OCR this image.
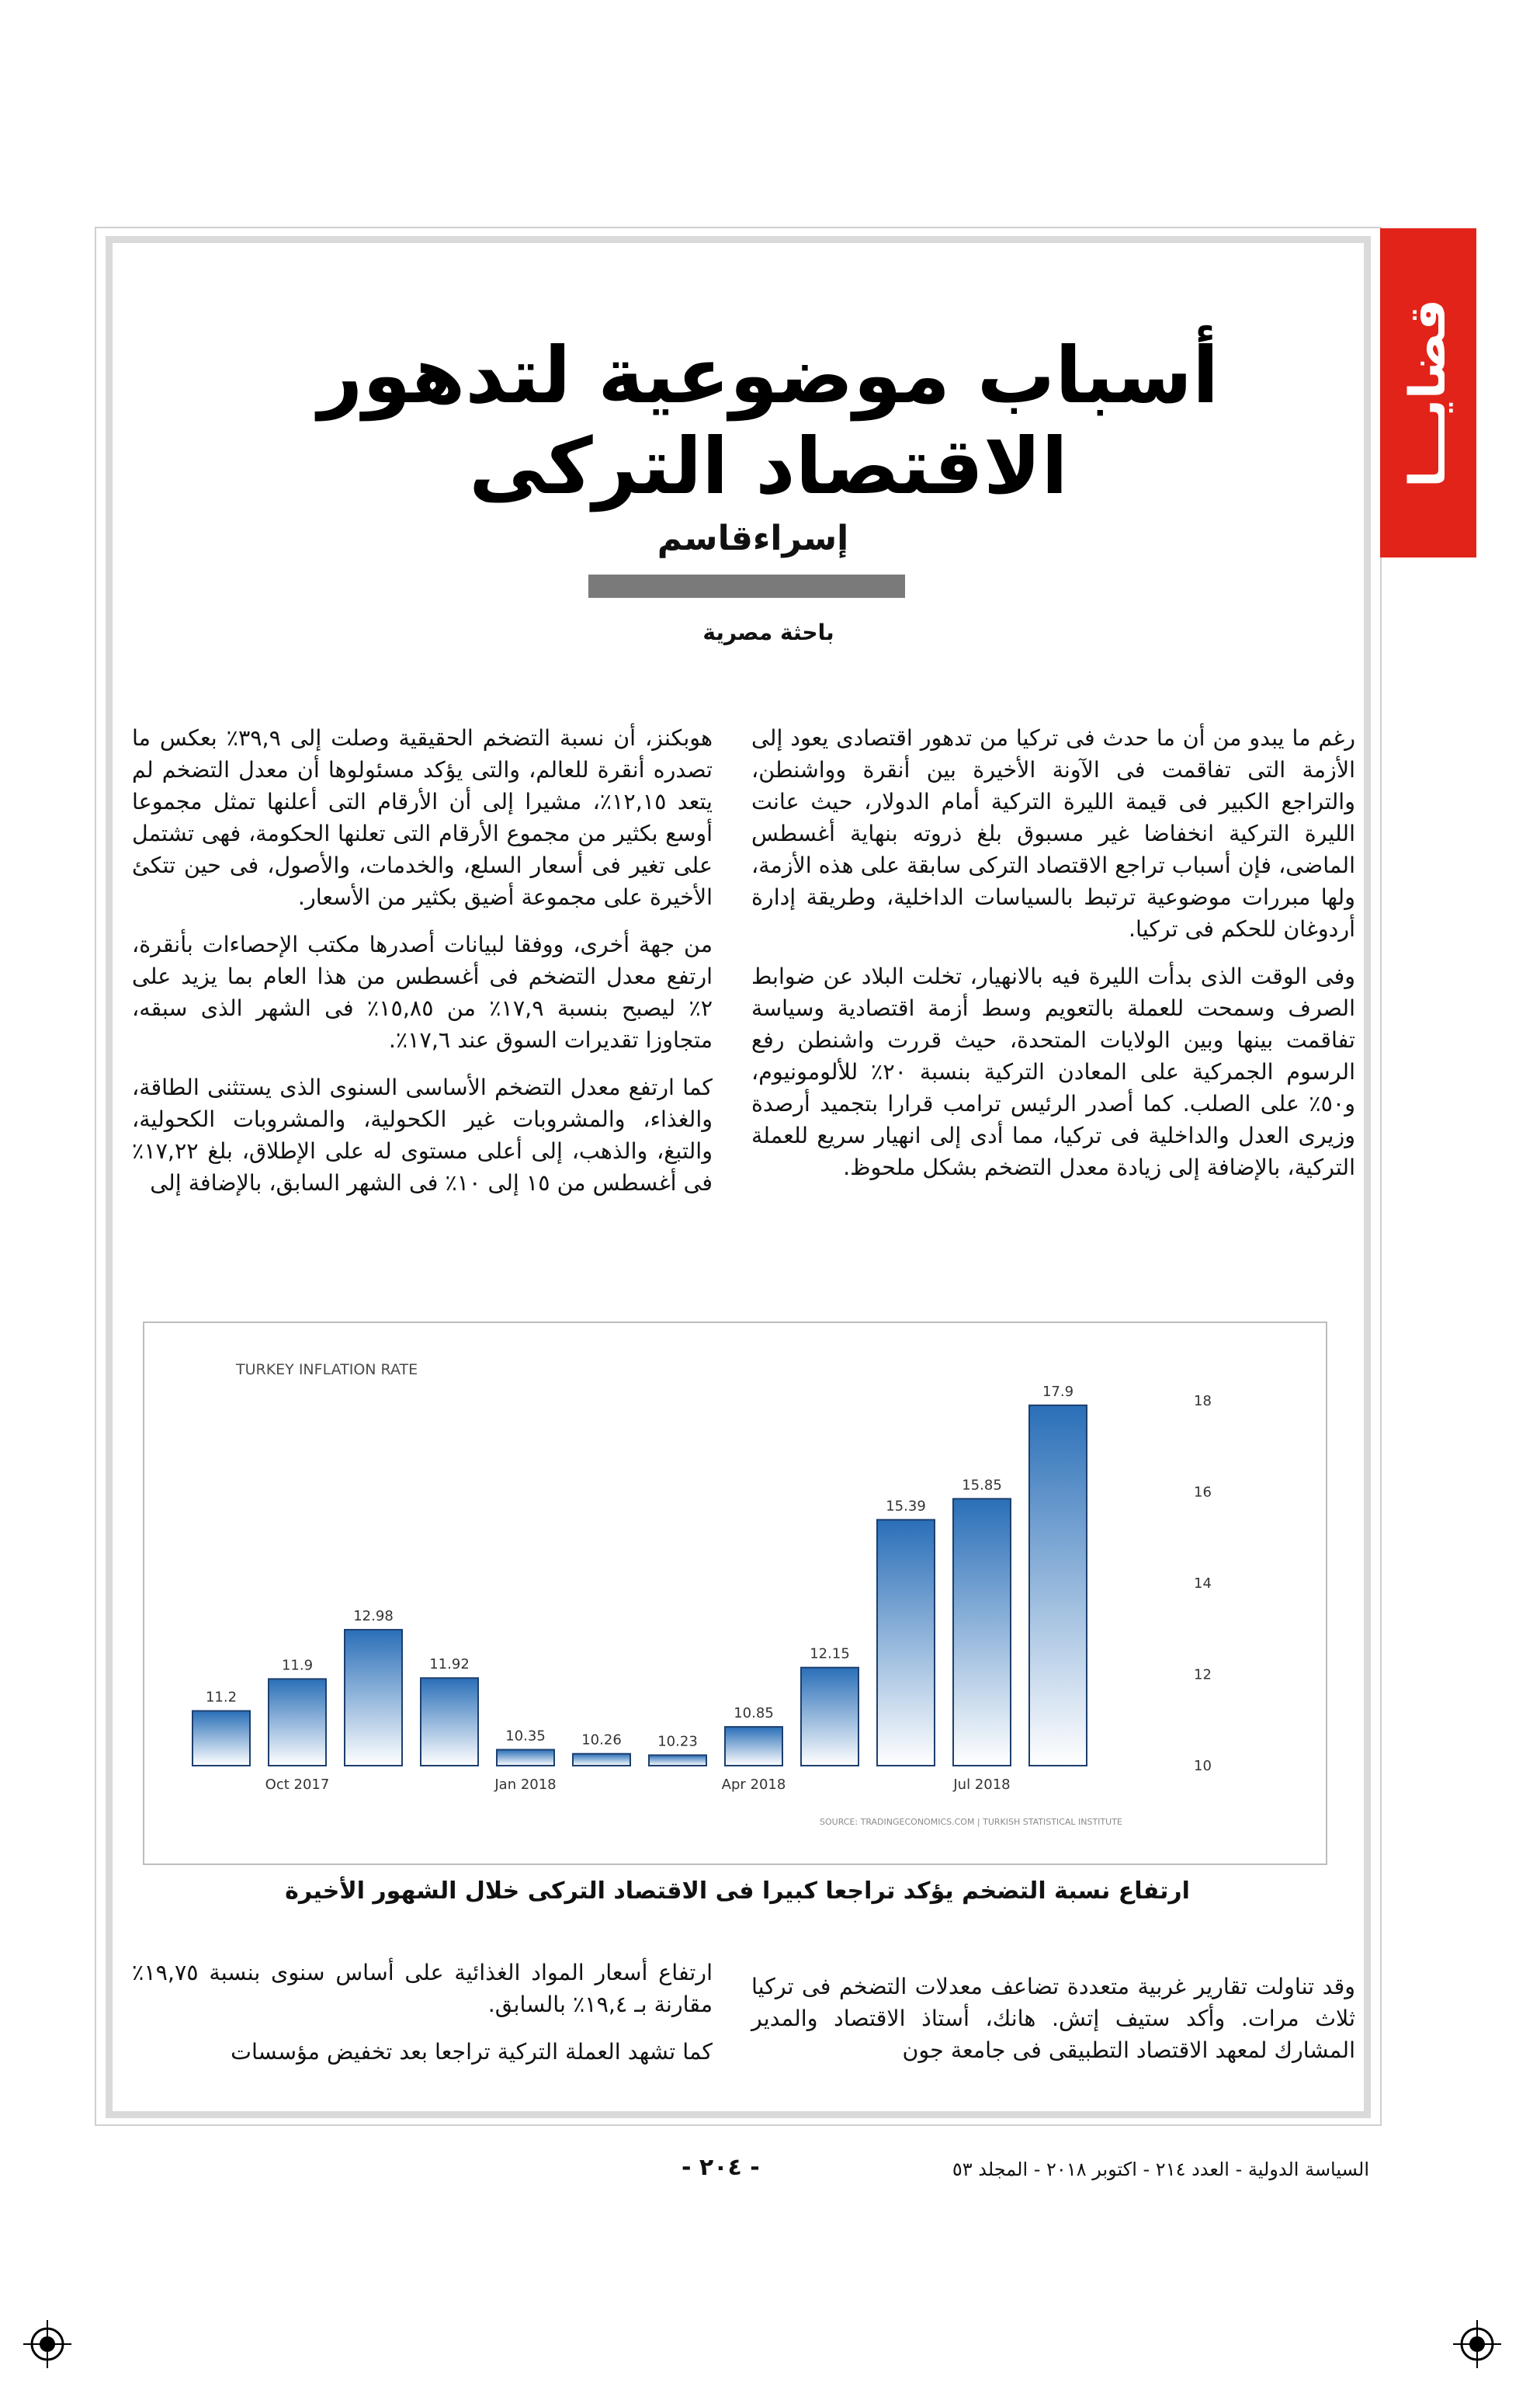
قضايـــا
أسباب موضوعية لتدهور الاقتصاد التركى
إسراءقاسم
باحثة مصرية

رغم ما يبدو من أن ما حدث فى تركيا من تدهور اقتصادى يعود إلى الأزمة التى تفاقمت فى الآونة الأخيرة بين أنقرة وواشنطن، والتراجع الكبير فى قيمة الليرة التركية أمام الدولار، حيث عانت الليرة التركية انخفاضا غير مسبوق بلغ ذروته بنهاية أغسطس الماضى، فإن أسباب تراجع الاقتصاد التركى سابقة على هذه الأزمة، ولها مبررات موضوعية ترتبط بالسياسات الداخلية، وطريقة إدارة أردوغان للحكم فى تركيا.

وفى الوقت الذى بدأت الليرة فيه بالانهيار، تخلت البلاد عن ضوابط الصرف وسمحت للعملة بالتعويم وسط أزمة اقتصادية وسياسة تفاقمت بينها وبين الولايات المتحدة، حيث قررت واشنطن رفع الرسوم الجمركية على المعادن التركية بنسبة ٢٠٪ للألومونيوم، و٥٠٪ على الصلب. كما أصدر الرئيس ترامب قرارا بتجميد أرصدة وزيرى العدل والداخلية فى تركيا، مما أدى إلى انهيار سريع للعملة التركية، بالإضافة إلى زيادة معدل التضخم بشكل ملحوظ.

هوبكنز، أن نسبة التضخم الحقيقية وصلت إلى ٣٩,٩٪ بعكس ما تصدره أنقرة للعالم، والتى يؤكد مسئولوها أن معدل التضخم لم يتعد ١٢,١٥٪، مشيرا إلى أن الأرقام التى أعلنها تمثل مجموعا أوسع بكثير من مجموع الأرقام التى تعلنها الحكومة، فهى تشتمل على تغير فى أسعار السلع، والخدمات، والأصول، فى حين تتكئ الأخيرة على مجموعة أضيق بكثير من الأسعار.

من جهة أخرى، ووفقا لبيانات أصدرها مكتب الإحصاءات بأنقرة، ارتفع معدل التضخم فى أغسطس من هذا العام بما يزيد على ٢٪ ليصبح بنسبة ١٧,٩٪ من ١٥,٨٥٪ فى الشهر الذى سبقه، متجاوزا تقديرات السوق عند ١٧,٦٪.

كما ارتفع معدل التضخم الأساسى السنوى الذى يستثنى الطاقة، والغذاء، والمشروبات غير الكحولية، والمشروبات الكحولية، والتبغ، والذهب، إلى أعلى مستوى له على الإطلاق، بلغ ١٧,٢٢٪ فى أغسطس من ١٥ إلى ١٠٪ فى الشهر السابق، بالإضافة إلى

TURKEY INFLATION RATE
11.2
11.9
12.98
11.92
10.35	10.26	10.23
10.85
12.15
15.39
15.85
17.9
Oct 2017	Jan 2018	Apr 2018	Jul 2018
10
12
14
16
18
SOURCE: TRADINGECONOMICS.COM | TURKISH STATISTICAL INSTITUTE
ارتفاع نسبة التضخم يؤكد تراجعا كبيرا فى الاقتصاد التركى خلال الشهور الأخيرة

وقد تناولت تقارير غربية متعددة تضاعف معدلات التضخم فى تركيا ثلاث مرات. وأكد ستيف إتش. هانك، أستاذ الاقتصاد والمدير المشارك لمعهد الاقتصاد التطبيقى فى جامعة جون

ارتفاع أسعار المواد الغذائية على أساس سنوى بنسبة ١٩,٧٥٪ مقارنة بـ ١٩,٤٪ بالسابق.

كما تشهد العملة التركية تراجعا بعد تخفيض مؤسسات

السياسة الدولية - العدد ٢١٤ - اكتوبر ٢٠١٨ - المجلد ٥٣
- ٢٠٤ -
